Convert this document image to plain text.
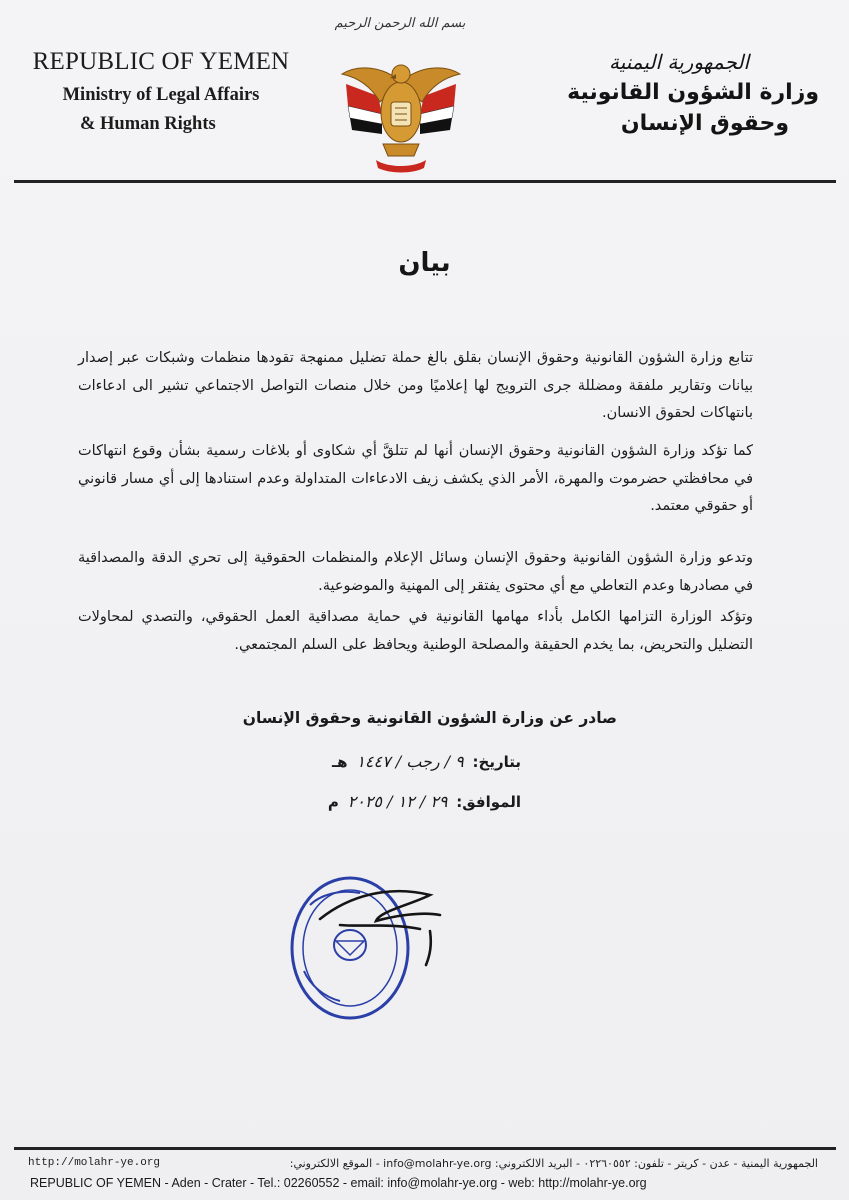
REPUBLIC OF YEMEN
Ministry of Legal Affairs
& Human Rights
بسم الله الرحمن الرحيم
الجمهورية اليمنية
وزارة الشؤون القانونية
وحقوق الإنسان
بيان
تتابع وزارة الشؤون القانونية وحقوق الإنسان بقلق بالغ حملة تضليل ممنهجة تقودها منظمات وشبكات عبر إصدار بيانات وتقارير ملفقة ومضللة جرى الترويج لها إعلاميًا ومن خلال منصات التواصل الاجتماعي تشير الى ادعاءات بانتهاكات لحقوق الانسان.
كما تؤكد وزارة الشؤون القانونية وحقوق الإنسان أنها لم تتلقَّ أي شكاوى أو بلاغات رسمية بشأن وقوع انتهاكات في محافظتي حضرموت والمهرة، الأمر الذي يكشف زيف الادعاءات المتداولة وعدم استنادها إلى أي مسار قانوني أو حقوقي معتمد.
وتدعو وزارة الشؤون القانونية وحقوق الإنسان وسائل الإعلام والمنظمات الحقوقية إلى تحري الدقة والمصداقية في مصادرها وعدم التعاطي مع أي محتوى يفتقر إلى المهنية والموضوعية.
وتؤكد الوزارة التزامها الكامل بأداء مهامها القانونية في حماية مصداقية العمل الحقوقي، والتصدي لمحاولات التضليل والتحريض، بما يخدم الحقيقة والمصلحة الوطنية ويحافظ على السلم المجتمعي.
صادر عن وزارة الشؤون القانونية وحقوق الإنسان
بتاريخ: ٩ / رجب / ١٤٤٧ هـ
الموافق: ٢٩ / ١٢ / ٢٠٢٥ م
http://molahr-ye.org	الجمهورية اليمنية - عدن - كريتر - تلفون: ٠٢٢٦٠٥٥٢ - البريد الالكتروني: info@molahr-ye.org - الموقع الالكتروني:
REPUBLIC OF YEMEN - Aden - Crater - Tel.: 02260552 - email: info@molahr-ye.org - web: http://molahr-ye.org
